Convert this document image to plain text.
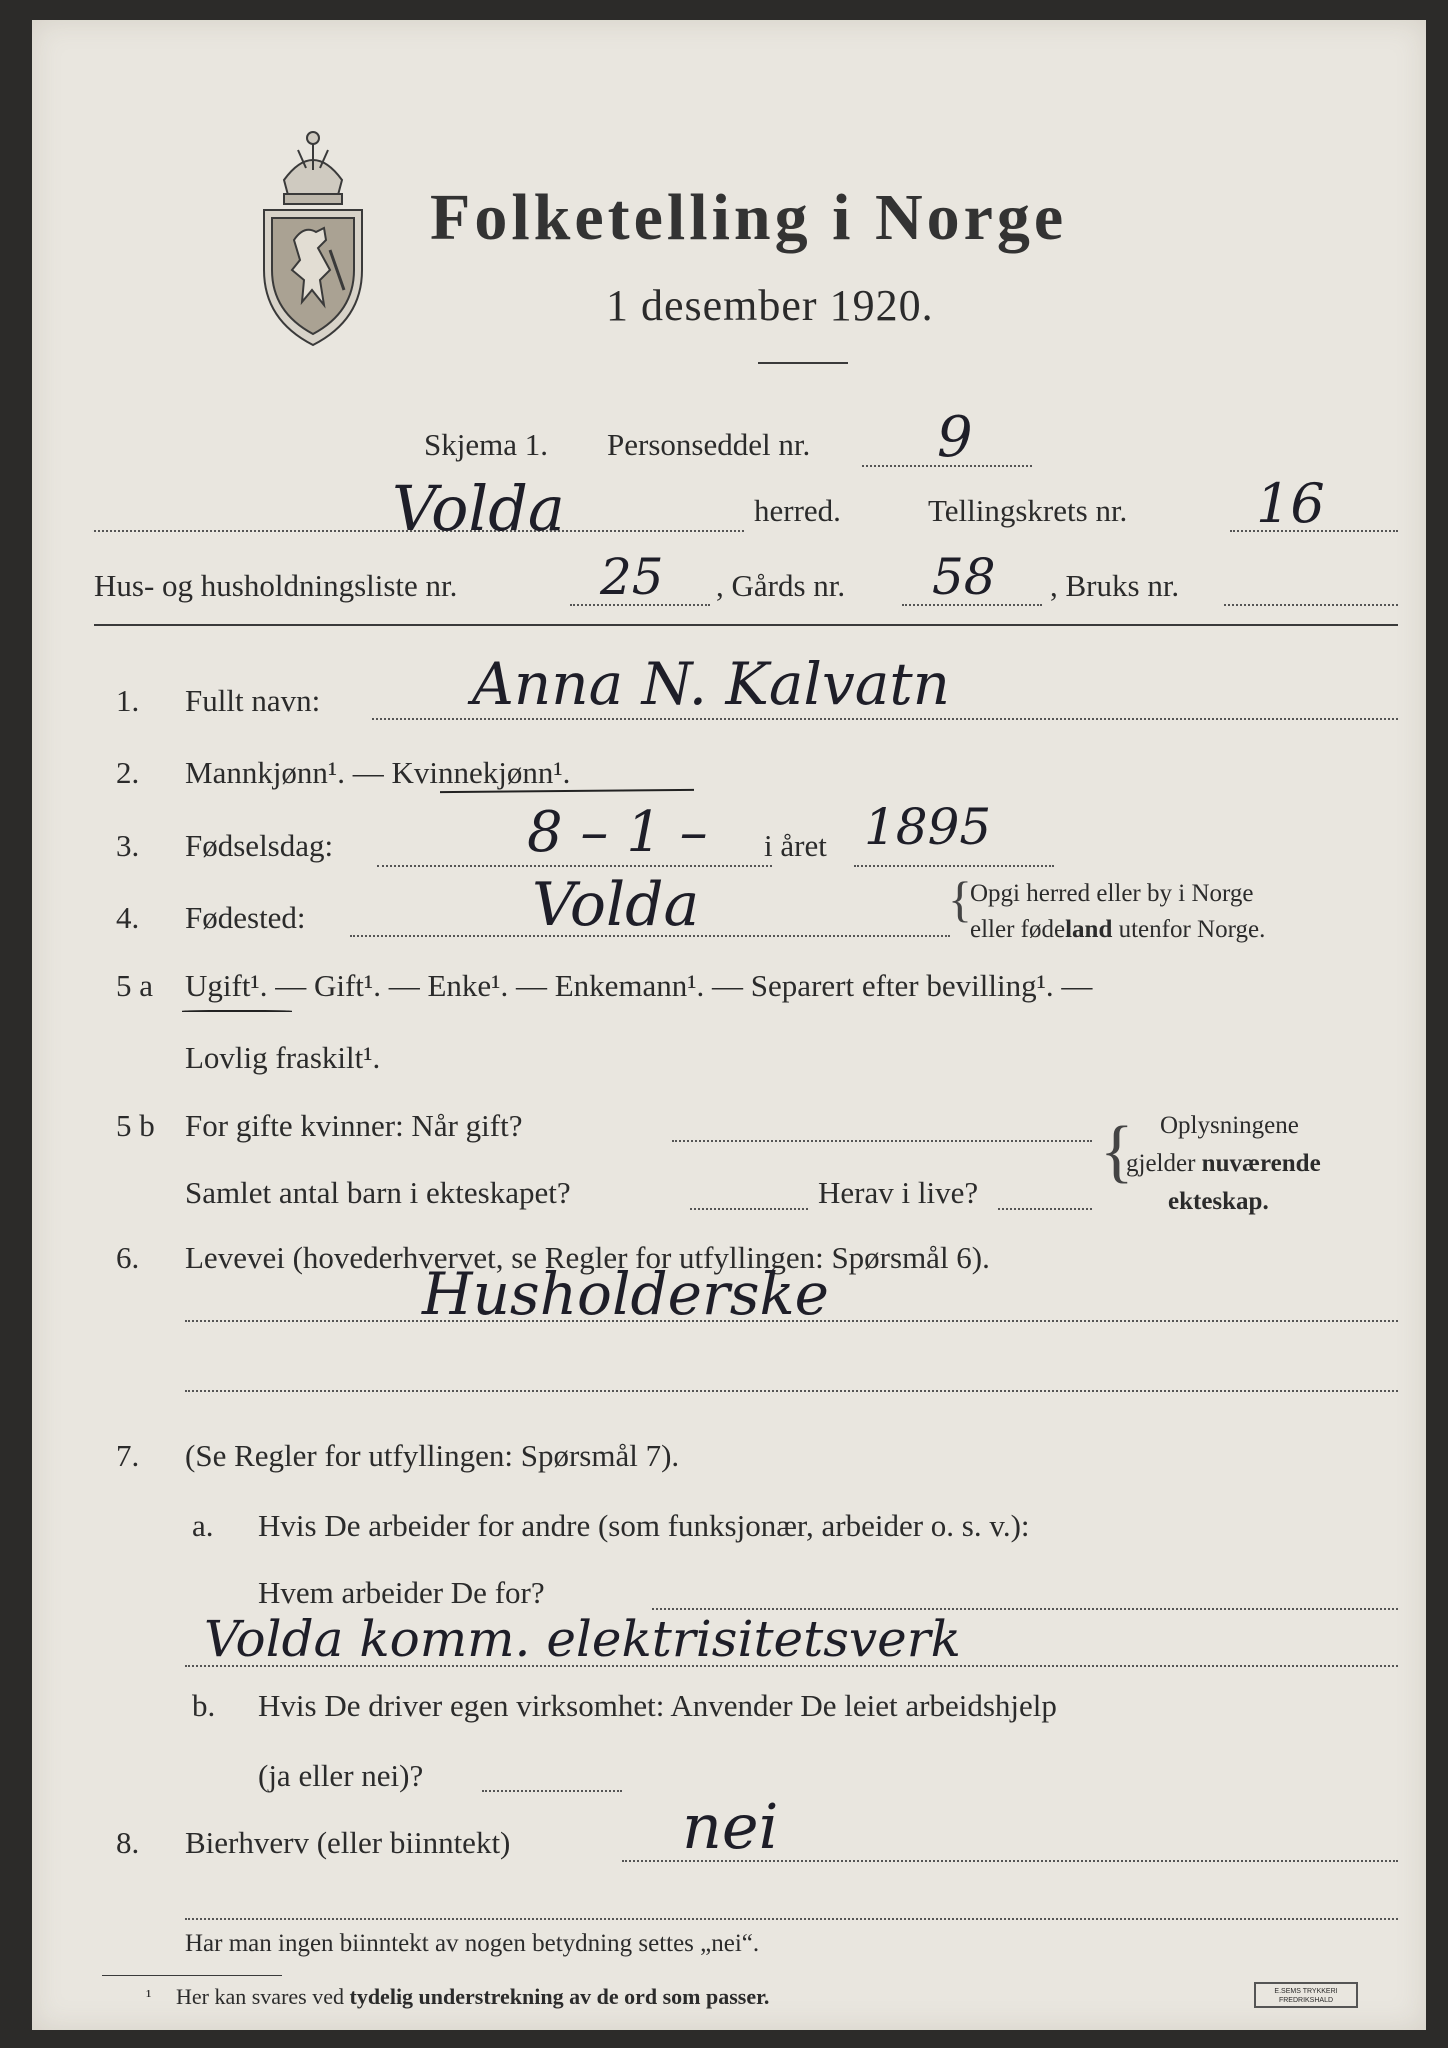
Folketelling i Norge
1 desember 1920.
Skjema 1. Personseddel nr. 9
Volda	herred.	Tellingskrets nr. 16
Hus- og husholdningsliste nr.	25 , Gårds nr. 58 , Bruks nr.
1. Fullt navn:	Anna N. Kalvatn
2. Mannkjønn¹. — Kvinnekjønn¹.
3. Fødselsdag:	8 – 1 – i året 1895
4. Fødested:	Volda	{
Opgi herred eller by i Norge
eller fødeland utenfor Norge.
5 a Ugift¹. — Gift¹. — Enke¹. — Enkemann¹. — Separert efter bevilling¹. —
Lovlig fraskilt¹.
5 b For gifte kvinner: Når gift?
Samlet antal barn i ekteskapet?	Herav i live?
{ Oplysningene
gjelder nuværende
ekteskap.
6. Levevei (hovederhvervet, se Regler for utfyllingen: Spørsmål 6).
Husholderske
7. (Se Regler for utfyllingen: Spørsmål 7).
a. Hvis De arbeider for andre (som funksjonær, arbeider o. s. v.):
Hvem arbeider De for?
Volda komm. elektrisitetsverk
b. Hvis De driver egen virksomhet: Anvender De leiet arbeidshjelp
(ja eller nei)?
8. Bierhverv (eller biinntekt)	nei
Har man ingen biinntekt av nogen betydning settes „nei“.
¹ Her kan svares ved tydelig understrekning av de ord som passer.	E.SEMS TRYKKERI
FREDRIKSHALD
